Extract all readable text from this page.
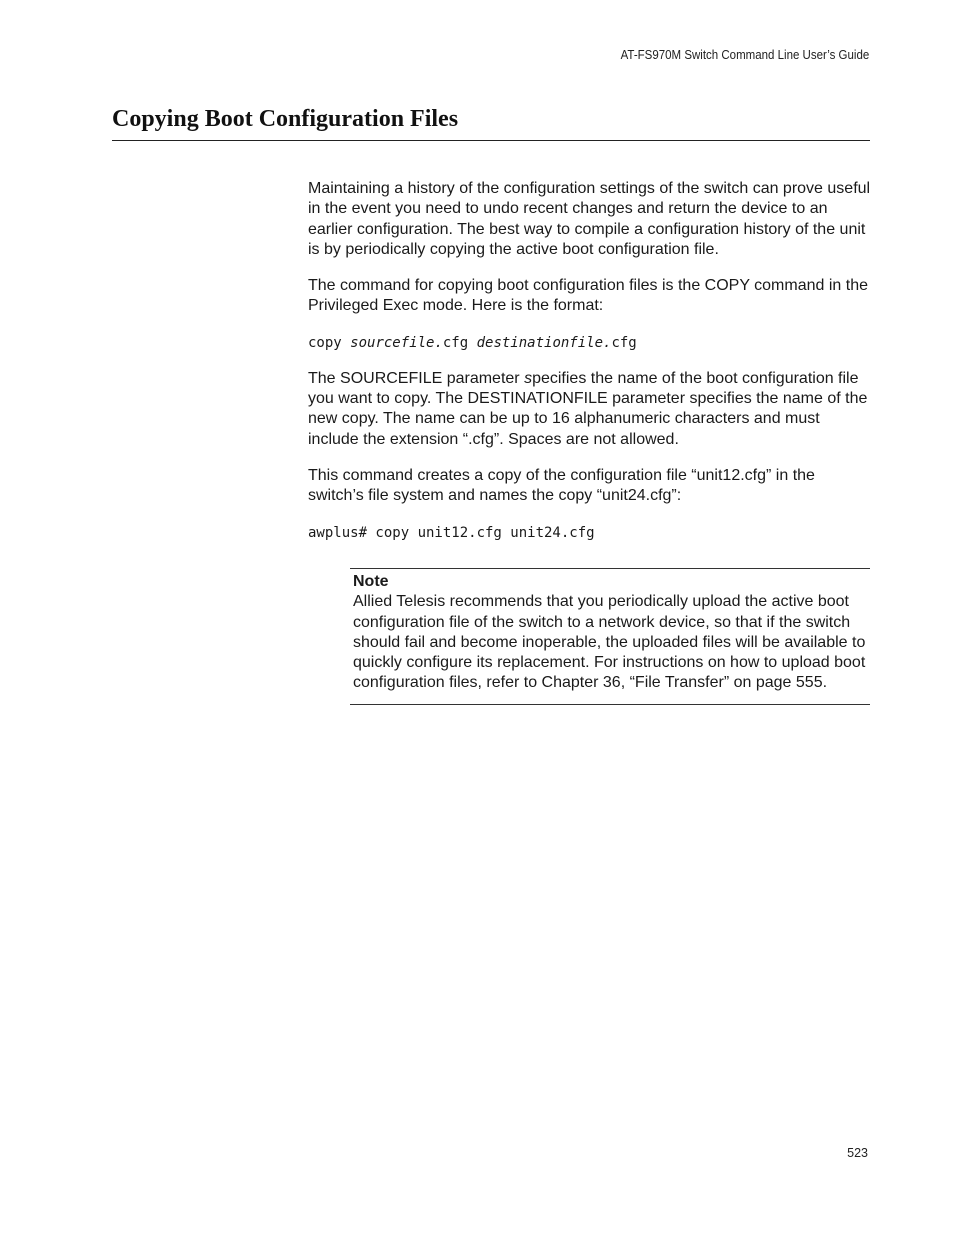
AT-FS970M Switch Command Line User’s Guide
Copying Boot Configuration Files

Maintaining a history of the configuration settings of the switch can prove useful in the event you need to undo recent changes and return the device to an earlier configuration. The best way to compile a configuration history of the unit is by periodically copying the active boot configuration file.

The command for copying boot configuration files is the COPY command in the Privileged Exec mode. Here is the format:

copy sourcefile.cfg destinationfile.cfg

The SOURCEFILE parameter specifies the name of the boot configuration file you want to copy. The DESTINATIONFILE parameter specifies the name of the new copy. The name can be up to 16 alphanumeric characters and must include the extension “.cfg”. Spaces are not allowed.

This command creates a copy of the configuration file “unit12.cfg” in the switch’s file system and names the copy “unit24.cfg”:

awplus# copy unit12.cfg unit24.cfg

Note

Allied Telesis recommends that you periodically upload the active boot configuration file of the switch to a network device, so that if the switch should fail and become inoperable, the uploaded files will be available to quickly configure its replacement. For instructions on how to upload boot configuration files, refer to Chapter 36, “File Transfer” on page 555.

523
